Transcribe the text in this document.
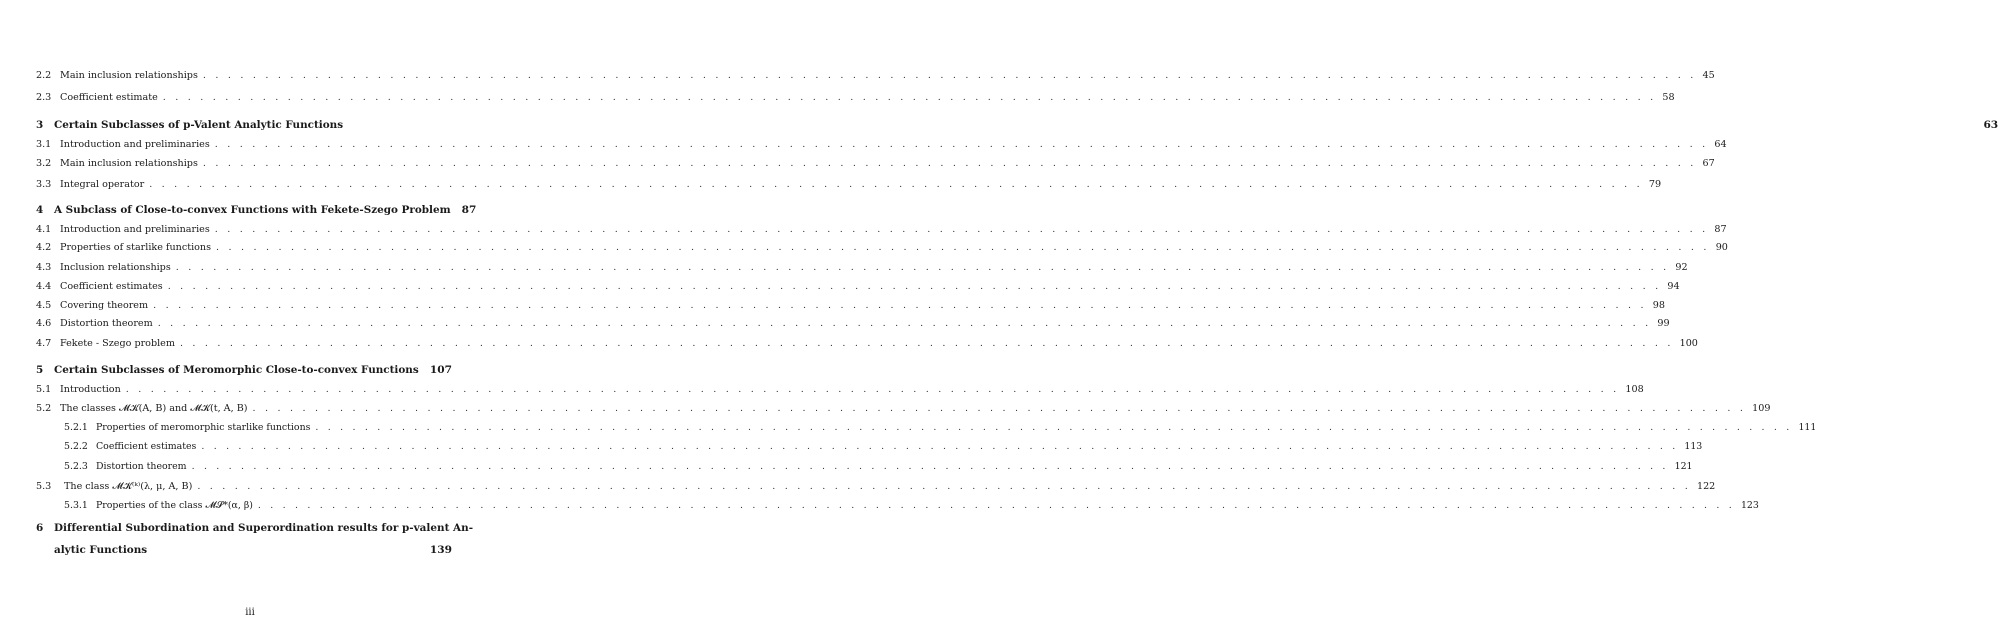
2.2 Main inclusion relationships . . . . . . . . . . . . . . . . . . . . . . . . . . . . . . . . . . . . . . . . . . . . . . . . . . . . . . . . . . . . . . . . . . . . . . . . . . . . . . . . . . . . . . . . . . . . . . . . . . . . . . . . . . . . . . . . . . . . . . . . 45
2.3 Coefficient estimate . . . . . . . . . . . . . . . . . . . . . . . . . . . . . . . . . . . . . . . . . . . . . . . . . . . . . . . . . . . . . . . . . . . . . . . . . . . . . . . . . . . . . . . . . . . . . . . . . . . . . . . . . . . . . . . . . . . . . . . . 58
3	Certain Subclasses of p-Valent Analytic Functions	63
3.1 Introduction and preliminaries . . . . . . . . . . . . . . . . . . . . . . . . . . . . . . . . . . . . . . . . . . . . . . . . . . . . . . . . . . . . . . . . . . . . . . . . . . . . . . . . . . . . . . . . . . . . . . . . . . . . . . . . . . . . . . . . . . . . . . . . 64
3.2 Main inclusion relationships . . . . . . . . . . . . . . . . . . . . . . . . . . . . . . . . . . . . . . . . . . . . . . . . . . . . . . . . . . . . . . . . . . . . . . . . . . . . . . . . . . . . . . . . . . . . . . . . . . . . . . . . . . . . . . . . . . . . . . . . 67
3.3 Integral operator . . . . . . . . . . . . . . . . . . . . . . . . . . . . . . . . . . . . . . . . . . . . . . . . . . . . . . . . . . . . . . . . . . . . . . . . . . . . . . . . . . . . . . . . . . . . . . . . . . . . . . . . . . . . . . . . . . . . . . . . 79
4	A Subclass of Close-to-convex Functions with Fekete-Szego Problem 87
4.1 Introduction and preliminaries . . . . . . . . . . . . . . . . . . . . . . . . . . . . . . . . . . . . . . . . . . . . . . . . . . . . . . . . . . . . . . . . . . . . . . . . . . . . . . . . . . . . . . . . . . . . . . . . . . . . . . . . . . . . . . . . . . . . . . . . 87
4.2 Properties of starlike functions . . . . . . . . . . . . . . . . . . . . . . . . . . . . . . . . . . . . . . . . . . . . . . . . . . . . . . . . . . . . . . . . . . . . . . . . . . . . . . . . . . . . . . . . . . . . . . . . . . . . . . . . . . . . . . . . . . . . . . . . 90
4.3 Inclusion relationships . . . . . . . . . . . . . . . . . . . . . . . . . . . . . . . . . . . . . . . . . . . . . . . . . . . . . . . . . . . . . . . . . . . . . . . . . . . . . . . . . . . . . . . . . . . . . . . . . . . . . . . . . . . . . . . . . . . . . . . . 92
4.4 Coefficient estimates . . . . . . . . . . . . . . . . . . . . . . . . . . . . . . . . . . . . . . . . . . . . . . . . . . . . . . . . . . . . . . . . . . . . . . . . . . . . . . . . . . . . . . . . . . . . . . . . . . . . . . . . . . . . . . . . . . . . . . . . 94
4.5 Covering theorem . . . . . . . . . . . . . . . . . . . . . . . . . . . . . . . . . . . . . . . . . . . . . . . . . . . . . . . . . . . . . . . . . . . . . . . . . . . . . . . . . . . . . . . . . . . . . . . . . . . . . . . . . . . . . . . . . . . . . . . . 98
4.6 Distortion theorem . . . . . . . . . . . . . . . . . . . . . . . . . . . . . . . . . . . . . . . . . . . . . . . . . . . . . . . . . . . . . . . . . . . . . . . . . . . . . . . . . . . . . . . . . . . . . . . . . . . . . . . . . . . . . . . . . . . . . . . . 99
4.7 Fekete - Szego problem . . . . . . . . . . . . . . . . . . . . . . . . . . . . . . . . . . . . . . . . . . . . . . . . . . . . . . . . . . . . . . . . . . . . . . . . . . . . . . . . . . . . . . . . . . . . . . . . . . . . . . . . . . . . . . . . . . . . . . . . 100
5	Certain Subclasses of Meromorphic Close-to-convex Functions 107
5.1 Introduction . . . . . . . . . . . . . . . . . . . . . . . . . . . . . . . . . . . . . . . . . . . . . . . . . . . . . . . . . . . . . . . . . . . . . . . . . . . . . . . . . . . . . . . . . . . . . . . . . . . . . . . . . . . . . . . . . . . . . . . . 108
5.2 The classes 𝓜𝓚(A, B) and 𝓜𝓚(t, A, B) . . . . . . . . . . . . . . . . . . . . . . . . . . . . . . . . . . . . . . . . . . . . . . . . . . . . . . . . . . . . . . . . . . . . . . . . . . . . . . . . . . . . . . . . . . . . . . . . . . . . . . . . . . . . . . . . . . . . . . . . 109
5.2.1 Properties of meromorphic starlike functions . . . . . . . . . . . . . . . . . . . . . . . . . . . . . . . . . . . . . . . . . . . . . . . . . . . . . . . . . . . . . . . . . . . . . . . . . . . . . . . . . . . . . . . . . . . . . . . . . . . . . . . . . . . . . . . . . . . . . . . . 111
5.2.2 Coefficient estimates . . . . . . . . . . . . . . . . . . . . . . . . . . . . . . . . . . . . . . . . . . . . . . . . . . . . . . . . . . . . . . . . . . . . . . . . . . . . . . . . . . . . . . . . . . . . . . . . . . . . . . . . . . . . . . . . . . . . . . . . 113
5.2.3 Distortion theorem . . . . . . . . . . . . . . . . . . . . . . . . . . . . . . . . . . . . . . . . . . . . . . . . . . . . . . . . . . . . . . . . . . . . . . . . . . . . . . . . . . . . . . . . . . . . . . . . . . . . . . . . . . . . . . . . . . . . . . . . 121
5.3	The class 𝓜𝓚⁽ᵏ⁾(λ, μ, A, B) . . . . . . . . . . . . . . . . . . . . . . . . . . . . . . . . . . . . . . . . . . . . . . . . . . . . . . . . . . . . . . . . . . . . . . . . . . . . . . . . . . . . . . . . . . . . . . . . . . . . . . . . . . . . . . . . . . . . . . . . 122
5.3.1 Properties of the class 𝓜𝓢*(α, β) . . . . . . . . . . . . . . . . . . . . . . . . . . . . . . . . . . . . . . . . . . . . . . . . . . . . . . . . . . . . . . . . . . . . . . . . . . . . . . . . . . . . . . . . . . . . . . . . . . . . . . . . . . . . . . . . . . . . . . . . 123
6 Differential Subordination and Superordination results for p-valent An-
alytic Functions	139
iii
